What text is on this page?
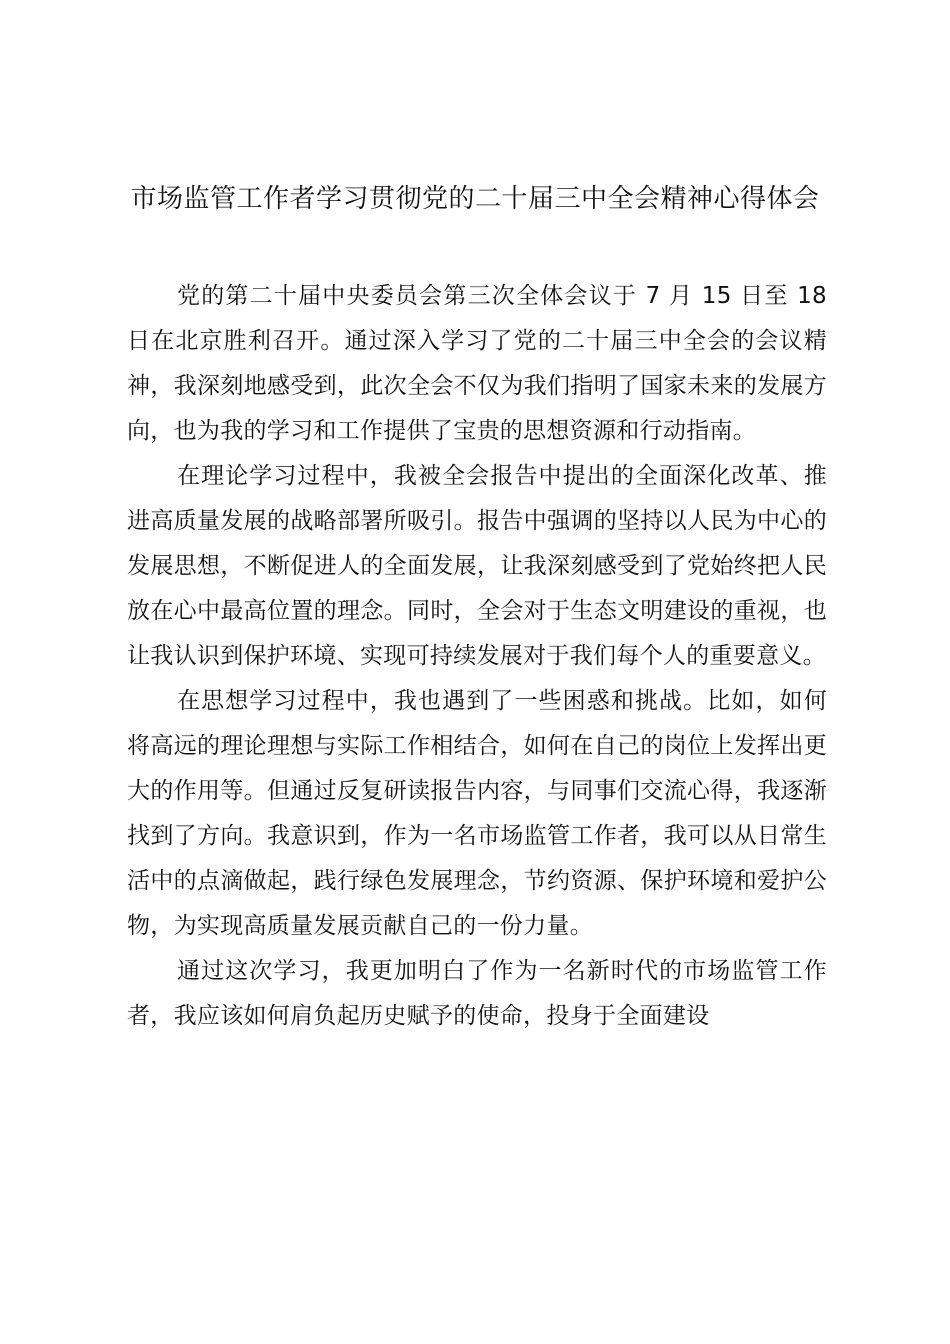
市场监管工作者学习贯彻党的二十届三中全会精神心得体会

党的第二十届中央委员会第三次全体会议于 7 月 15 日至 18 日在北京胜利召开。通过深入学习了党的二十届三中全会的会议精神，我深刻地感受到，此次全会不仅为我们指明了国家未来的发展方向，也为我的学习和工作提供了宝贵的思想资源和行动指南。

在理论学习过程中，我被全会报告中提出的全面深化改革、推进高质量发展的战略部署所吸引。报告中强调的坚持以人民为中心的发展思想，不断促进人的全面发展，让我深刻感受到了党始终把人民放在心中最高位置的理念。同时，全会对于生态文明建设的重视，也让我认识到保护环境、实现可持续发展对于我们每个人的重要意义。

在思想学习过程中，我也遇到了一些困惑和挑战。比如，如何将高远的理论理想与实际工作相结合，如何在自己的岗位上发挥出更大的作用等。但通过反复研读报告内容，与同事们交流心得，我逐渐找到了方向。我意识到，作为一名市场监管工作者，我可以从日常生活中的点滴做起，践行绿色发展理念，节约资源、保护环境和爱护公物，为实现高质量发展贡献自己的一份力量。

通过这次学习，我更加明白了作为一名新时代的市场监管工作者，我应该如何肩负起历史赋予的使命，投身于全面建设
